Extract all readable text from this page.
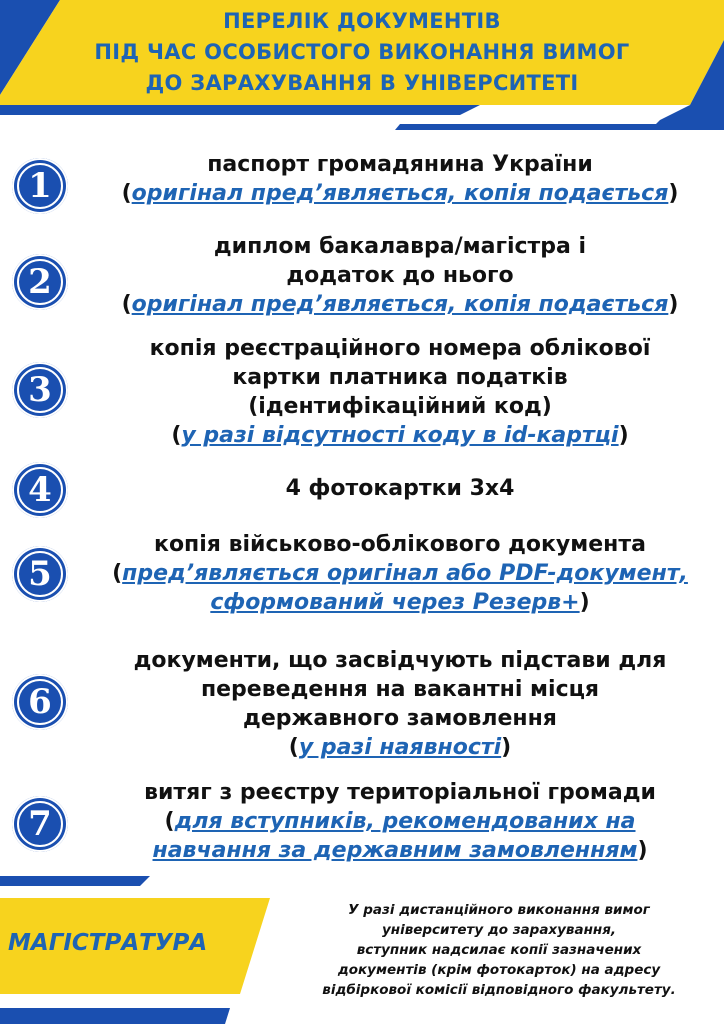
ПЕРЕЛІК ДОКУМЕНТІВ
ПІД ЧАС ОСОБИСТОГО ВИКОНАННЯ ВИМОГ
ДО ЗАРАХУВАННЯ В УНІВЕРСИТЕТІ
1
паспорт громадянина України
(оригінал пред’являється, копія подається)
2
диплом бакалавра/магістра і
додаток до нього
(оригінал пред’являється, копія подається)
3
копія реєстраційного номера облікової
картки платника податків
(ідентифікаційний код)
(у разі відсутності коду в id-картці)
4	4 фотокартки 3х4
5
копія військово-облікового документа
(пред’являється оригінал або PDF-документ,
сформований через Резерв+)
6
документи, що засвідчують підстави для
переведення на вакантні місця
державного замовлення
(у разі наявності)
7
витяг з реєстру територіальної громади
(для вступників, рекомендованих на
навчання за державним замовленням)
МАГІСТРАТУРА
У разі дистанційного виконання вимог
університету до зарахування,
вступник надсилає копії зазначених
документів (крім фотокарток) на адресу
відбіркової комісії відповідного факультету.
